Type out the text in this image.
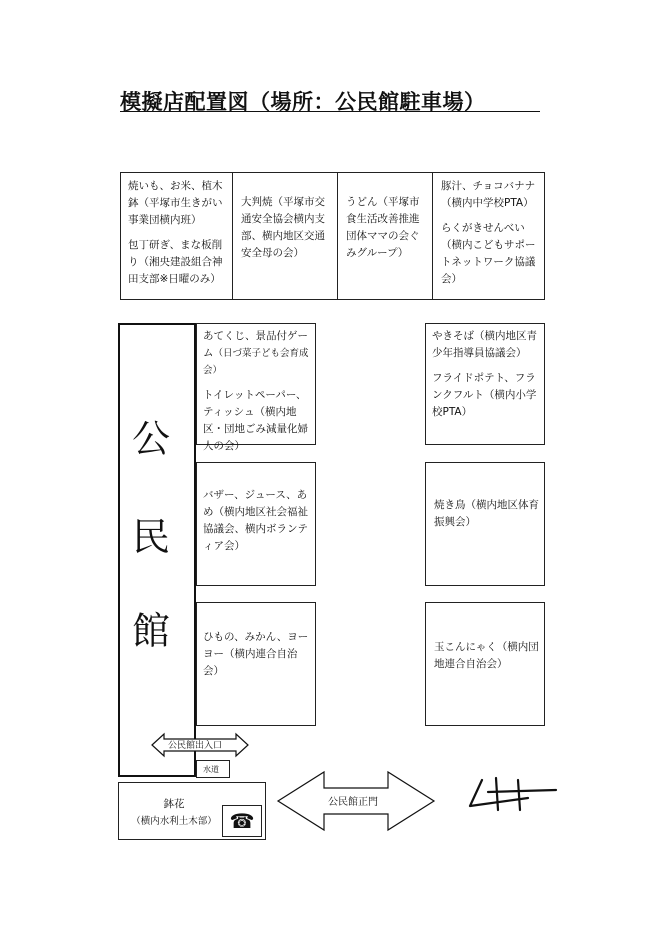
模擬店配置図（場所：公民館駐車場）

焼いも、お米、植木鉢（平塚市生きがい事業団横内班）

包丁研ぎ、まな板削り（湘央建設組合神田支部※日曜のみ）

大判焼（平塚市交通安全協会横内支部、横内地区交通安全母の会）

うどん（平塚市食生活改善推進団体ママの会ぐみグループ）

豚汁、チョコバナナ（横内中学校PTA）

らくがきせんべい（横内こどもサポートネットワーク協議会）

公
民
館

あてくじ、景品付ゲーム（日づ菜子ども会育成会）

トイレットペーパー、ティッシュ（横内地区・団地ごみ減量化婦人の会）

バザー、ジュース、あめ（横内地区社会福祉協議会、横内ボランティア会）

ひもの、みかん、ヨーヨー（横内連合自治会）

やきそば（横内地区青少年指導員協議会）

フライドポテト、フランクフルト（横内小学校PTA）

焼き鳥（横内地区体育振興会）

玉こんにゃく（横内団地連合自治会）

公民館出入口
水道
鉢花
（横内水利土木部） ☎
公民館正門
